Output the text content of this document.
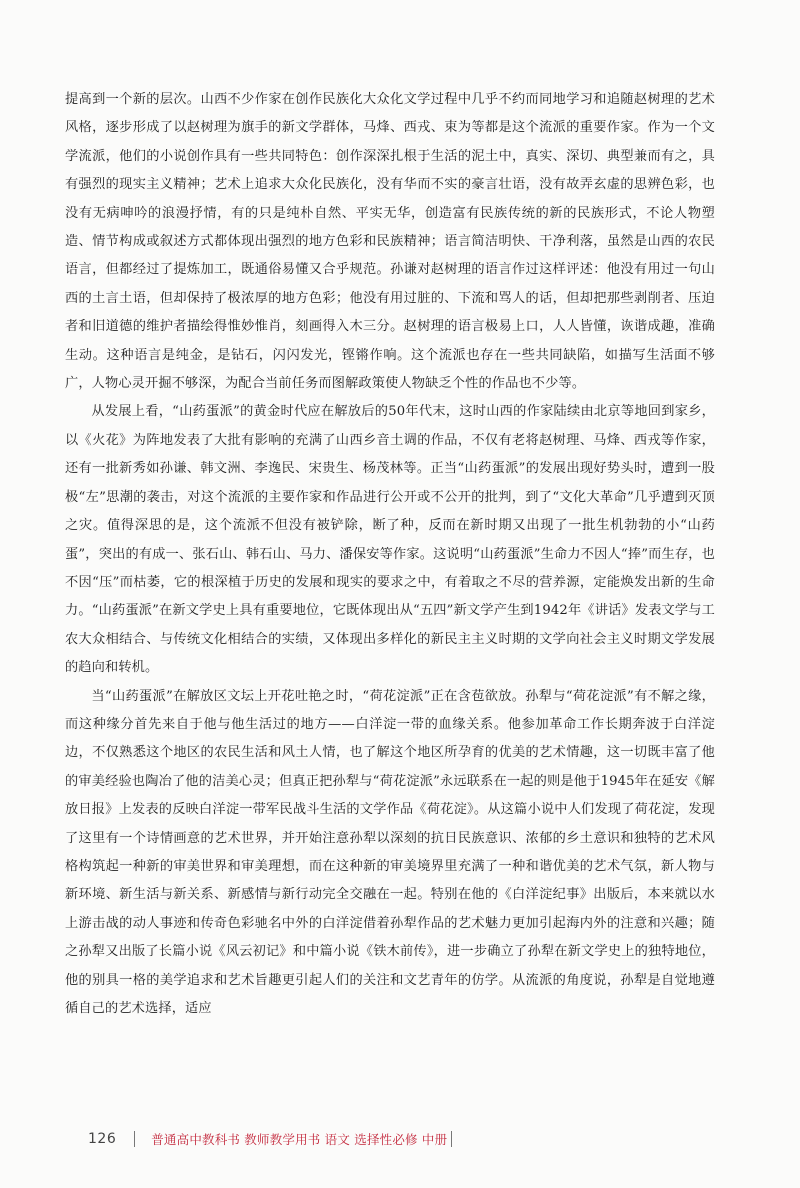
提高到一个新的层次。山西不少作家在创作民族化大众化文学过程中几乎不约而同地学习和追随赵树理的艺术风格，逐步形成了以赵树理为旗手的新文学群体，马烽、西戎、束为等都是这个流派的重要作家。作为一个文学流派，他们的小说创作具有一些共同特色：创作深深扎根于生活的泥土中，真实、深切、典型兼而有之，具有强烈的现实主义精神；艺术上追求大众化民族化，没有华而不实的豪言壮语，没有故弄玄虚的思辨色彩，也没有无病呻吟的浪漫抒情，有的只是纯朴自然、平实无华，创造富有民族传统的新的民族形式，不论人物塑造、情节构成或叙述方式都体现出强烈的地方色彩和民族精神；语言简洁明快、干净利落，虽然是山西的农民语言，但都经过了提炼加工，既通俗易懂又合乎规范。孙谦对赵树理的语言作过这样评述：他没有用过一句山西的土言土语，但却保持了极浓厚的地方色彩；他没有用过脏的、下流和骂人的话，但却把那些剥削者、压迫者和旧道德的维护者描绘得惟妙惟肖，刻画得入木三分。赵树理的语言极易上口，人人皆懂，诙谐成趣，准确生动。这种语言是纯金，是钻石，闪闪发光，铿锵作响。这个流派也存在一些共同缺陷，如描写生活面不够广，人物心灵开掘不够深，为配合当前任务而图解政策使人物缺乏个性的作品也不少等。

从发展上看，“山药蛋派”的黄金时代应在解放后的50年代末，这时山西的作家陆续由北京等地回到家乡，以《火花》为阵地发表了大批有影响的充满了山西乡音土调的作品，不仅有老将赵树理、马烽、西戎等作家，还有一批新秀如孙谦、韩文洲、李逸民、宋贵生、杨茂林等。正当“山药蛋派”的发展出现好势头时，遭到一股极“左”思潮的袭击，对这个流派的主要作家和作品进行公开或不公开的批判，到了“文化大革命”几乎遭到灭顶之灾。值得深思的是，这个流派不但没有被铲除，断了种，反而在新时期又出现了一批生机勃勃的小“山药蛋”，突出的有成一、张石山、韩石山、马力、潘保安等作家。这说明“山药蛋派”生命力不因人“捧”而生存，也不因“压”而枯萎，它的根深植于历史的发展和现实的要求之中，有着取之不尽的营养源，定能焕发出新的生命力。“山药蛋派”在新文学史上具有重要地位，它既体现出从“五四”新文学产生到1942年《讲话》发表文学与工农大众相结合、与传统文化相结合的实绩，又体现出多样化的新民主主义时期的文学向社会主义时期文学发展的趋向和转机。

当“山药蛋派”在解放区文坛上开花吐艳之时，“荷花淀派”正在含苞欲放。孙犁与“荷花淀派”有不解之缘，而这种缘分首先来自于他与他生活过的地方——白洋淀一带的血缘关系。他参加革命工作长期奔波于白洋淀边，不仅熟悉这个地区的农民生活和风土人情，也了解这个地区所孕育的优美的艺术情趣，这一切既丰富了他的审美经验也陶冶了他的洁美心灵；但真正把孙犁与“荷花淀派”永远联系在一起的则是他于1945年在延安《解放日报》上发表的反映白洋淀一带军民战斗生活的文学作品《荷花淀》。从这篇小说中人们发现了荷花淀，发现了这里有一个诗情画意的艺术世界，并开始注意孙犁以深刻的抗日民族意识、浓郁的乡土意识和独特的艺术风格构筑起一种新的审美世界和审美理想，而在这种新的审美境界里充满了一种和谐优美的艺术气氛，新人物与新环境、新生活与新关系、新感情与新行动完全交融在一起。特别在他的《白洋淀纪事》出版后，本来就以水上游击战的动人事迹和传奇色彩驰名中外的白洋淀借着孙犁作品的艺术魅力更加引起海内外的注意和兴趣；随之孙犁又出版了长篇小说《风云初记》和中篇小说《铁木前传》，进一步确立了孙犁在新文学史上的独特地位，他的别具一格的美学追求和艺术旨趣更引起人们的关注和文艺青年的仿学。从流派的角度说，孙犁是自觉地遵循自己的艺术选择，适应

126	普通高中教科书 教师教学用书 语文 选择性必修 中册
